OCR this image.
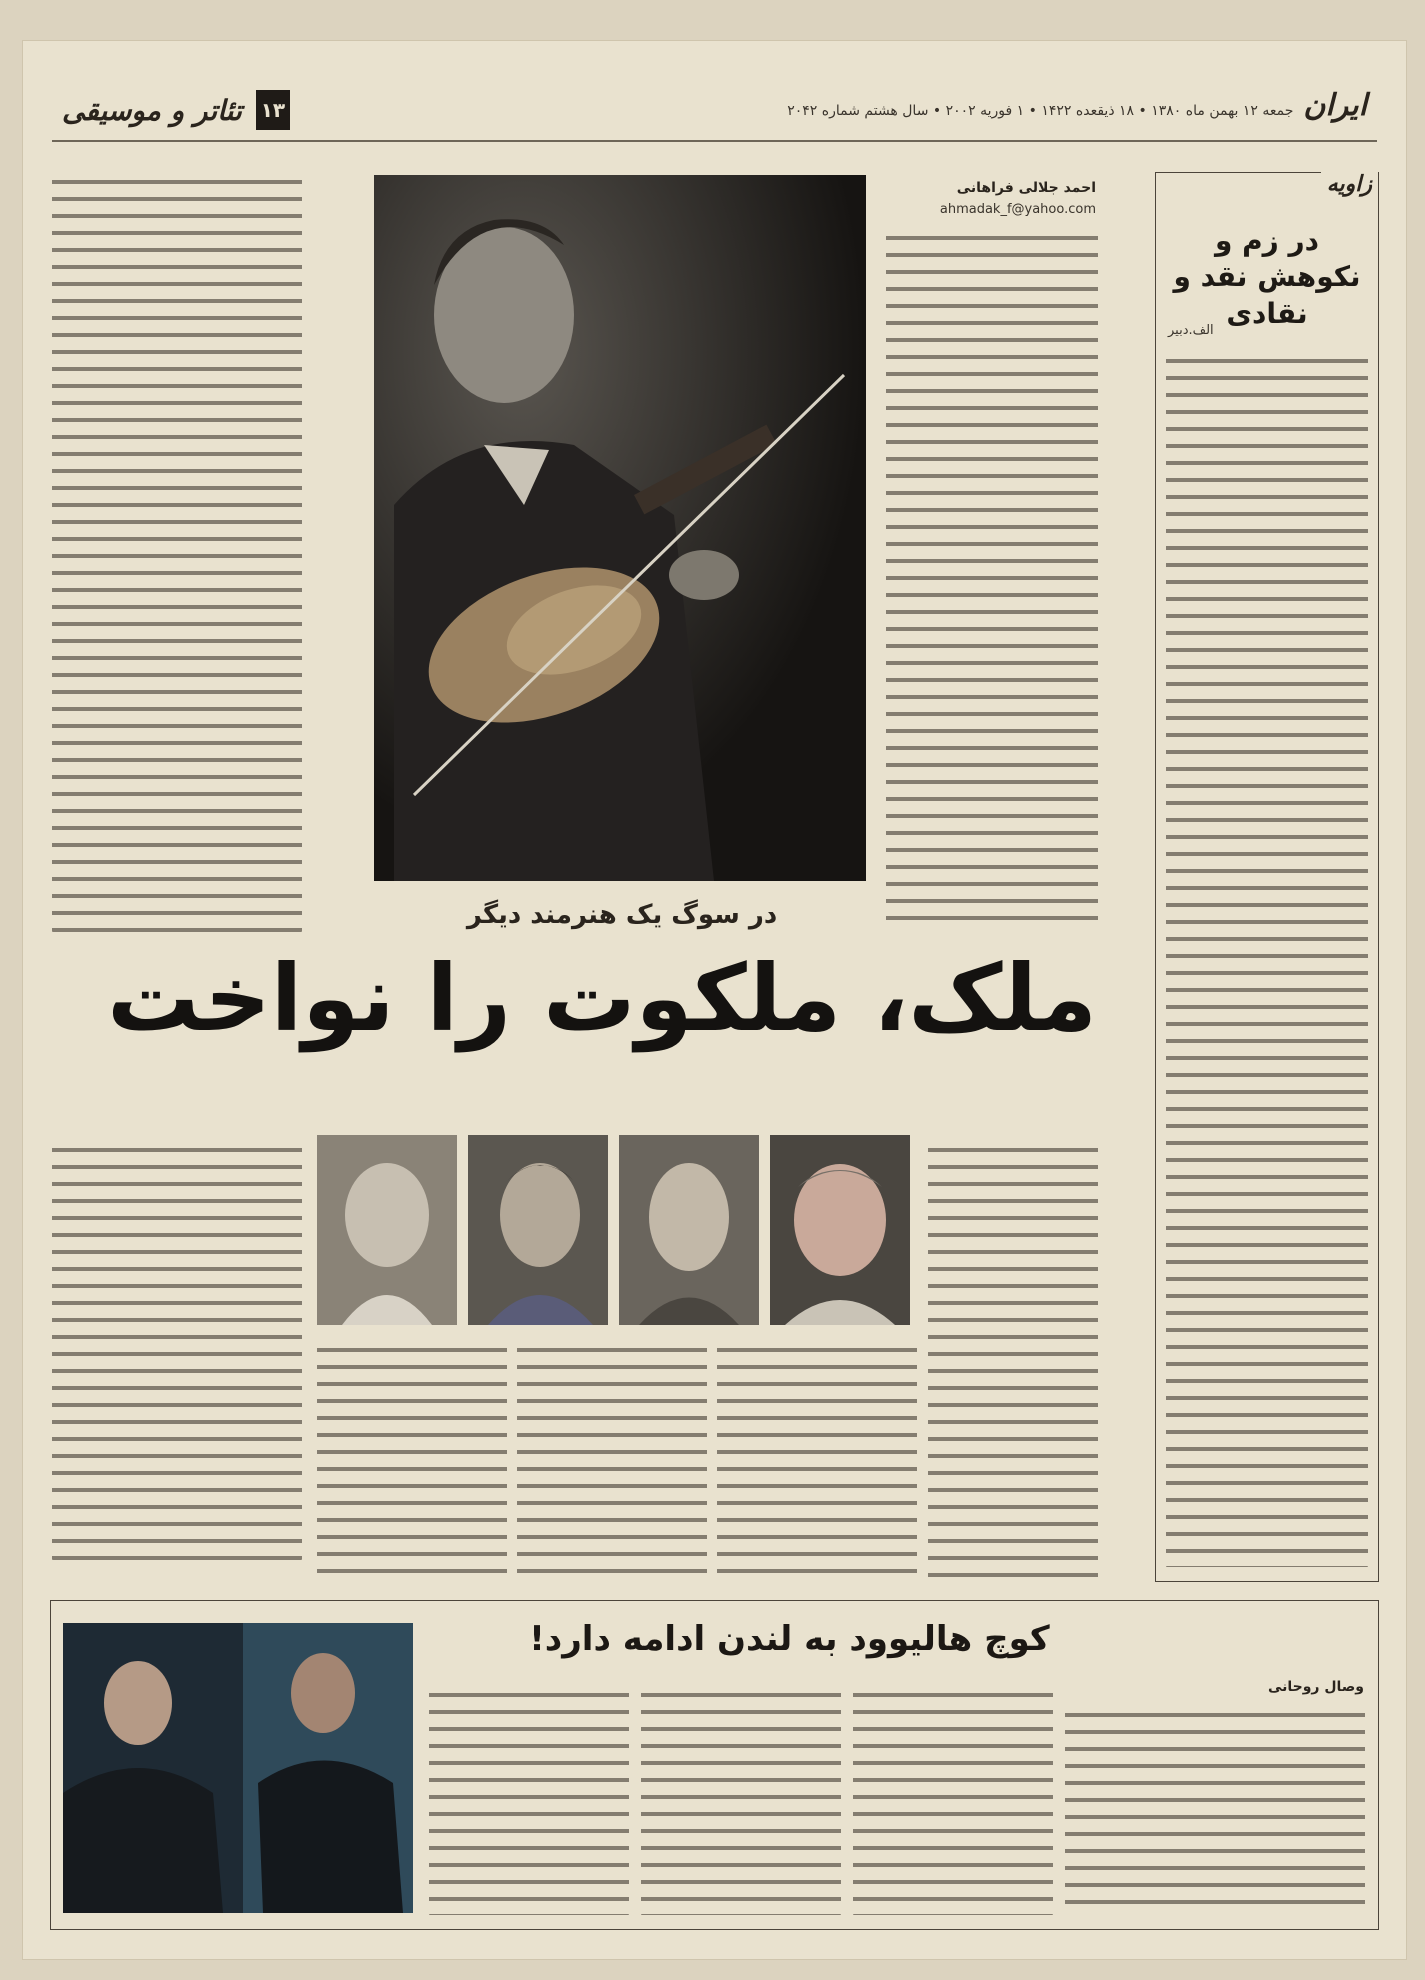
۱۳
تئاتر و موسیقی	ایران
جمعه ۱۲ بهمن ماه ۱۳۸۰ • ۱۸ ذیقعده ۱۴۲۲ • ۱ فوریه ۲۰۰۲ • سال هشتم شماره ۲۰۴۲
زاویه
در زم و نکوهش نقد و نقادی
الف.دبیر
احمد جلالی فراهانی
ahmadak_f@yahoo.com
در سوگ یک هنرمند دیگر
ملک، ملکوت را نواخت
کوچ هالیوود به لندن ادامه دارد!
وصال روحانی
